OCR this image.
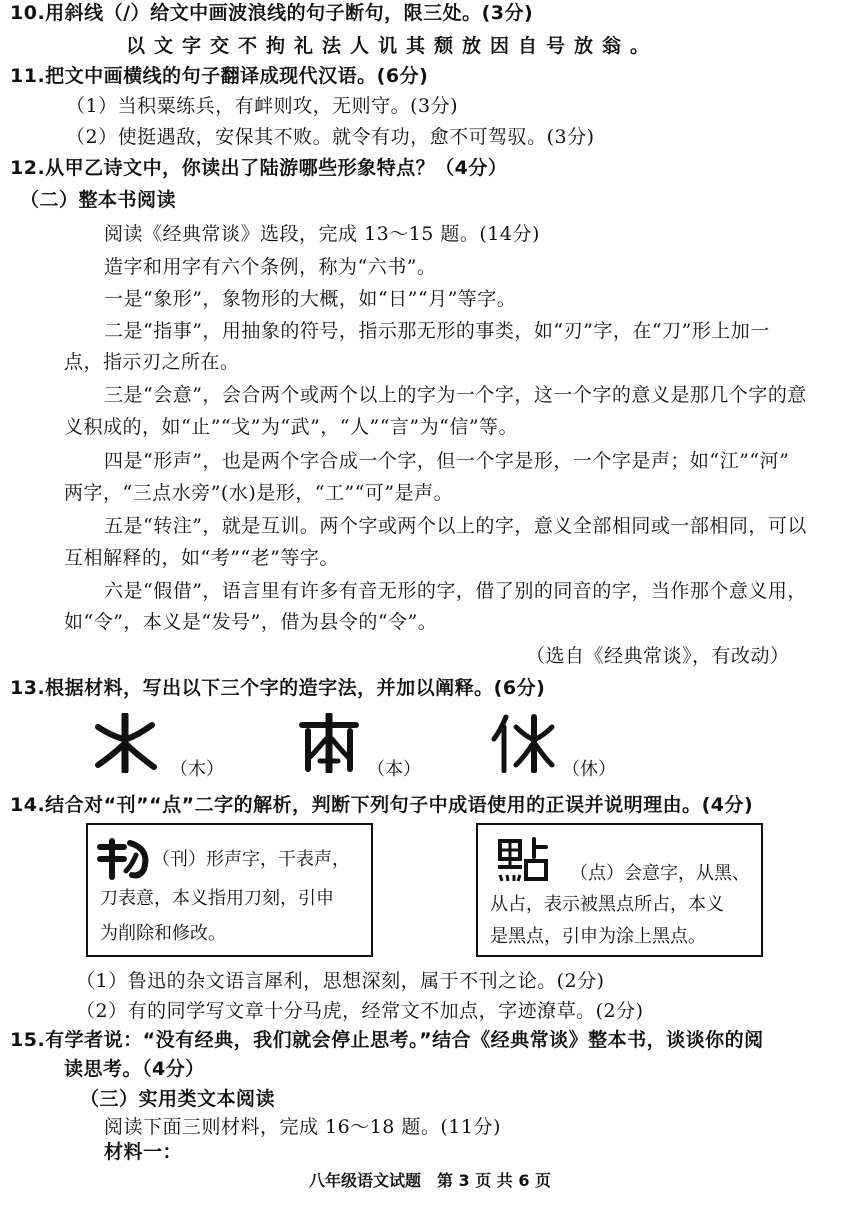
10.用斜线（/）给文中画波浪线的句子断句，限三处。(3分)
以文字交不拘礼法人讥其颓放因自号放翁。
11.把文中画横线的句子翻译成现代汉语。(6分)
（1）当积粟练兵，有衅则攻，无则守。(3分)
（2）使挺遇敌，安保其不败。就令有功，愈不可驾驭。(3分)
12.从甲乙诗文中，你读出了陆游哪些形象特点？（4分）
（二）整本书阅读
阅读《经典常谈》选段，完成 13～15 题。(14分)
造字和用字有六个条例，称为“六书”。
一是“象形”，象物形的大概，如“日”“月”等字。
二是“指事”，用抽象的符号，指示那无形的事类，如“刃”字，在“刀”形上加一
点，指示刃之所在。
三是“会意”，会合两个或两个以上的字为一个字，这一个字的意义是那几个字的意
义积成的，如“止”“戈”为“武”，“人”“言”为“信”等。
四是“形声”，也是两个字合成一个字，但一个字是形，一个字是声；如“江”“河”
两字，“三点水旁”(水)是形，“工”“可”是声。
五是“转注”，就是互训。两个字或两个以上的字，意义全部相同或一部相同，可以
互相解释的，如“考”“老”等字。
六是“假借”，语言里有许多有音无形的字，借了别的同音的字，当作那个意义用，
如“令”，本义是“发号”，借为县令的“令”。
（选自《经典常谈》，有改动）
13.根据材料，写出以下三个字的造字法，并加以阐释。(6分)
（木）	（本）	（休）
14.结合对“刊”“点”二字的解析，判断下列句子中成语使用的正误并说明理由。(4分)
（刊）形声字，干表声，
刀表意，本义指用刀刻，引申
为削除和修改。
（点）会意字，从黑、
从占，表示被黑点所占，本义
是黑点，引申为涂上黑点。
（1）鲁迅的杂文语言犀利，思想深刻，属于不刊之论。(2分)
（2）有的同学写文章十分马虎，经常文不加点，字迹潦草。(2分)
15.有学者说：“没有经典，我们就会停止思考。”结合《经典常谈》整本书，谈谈你的阅
读思考。（4分）
（三）实用类文本阅读
阅读下面三则材料，完成 16～18 题。(11分)
材料一：
八年级语文试题　第 3 页 共 6 页
